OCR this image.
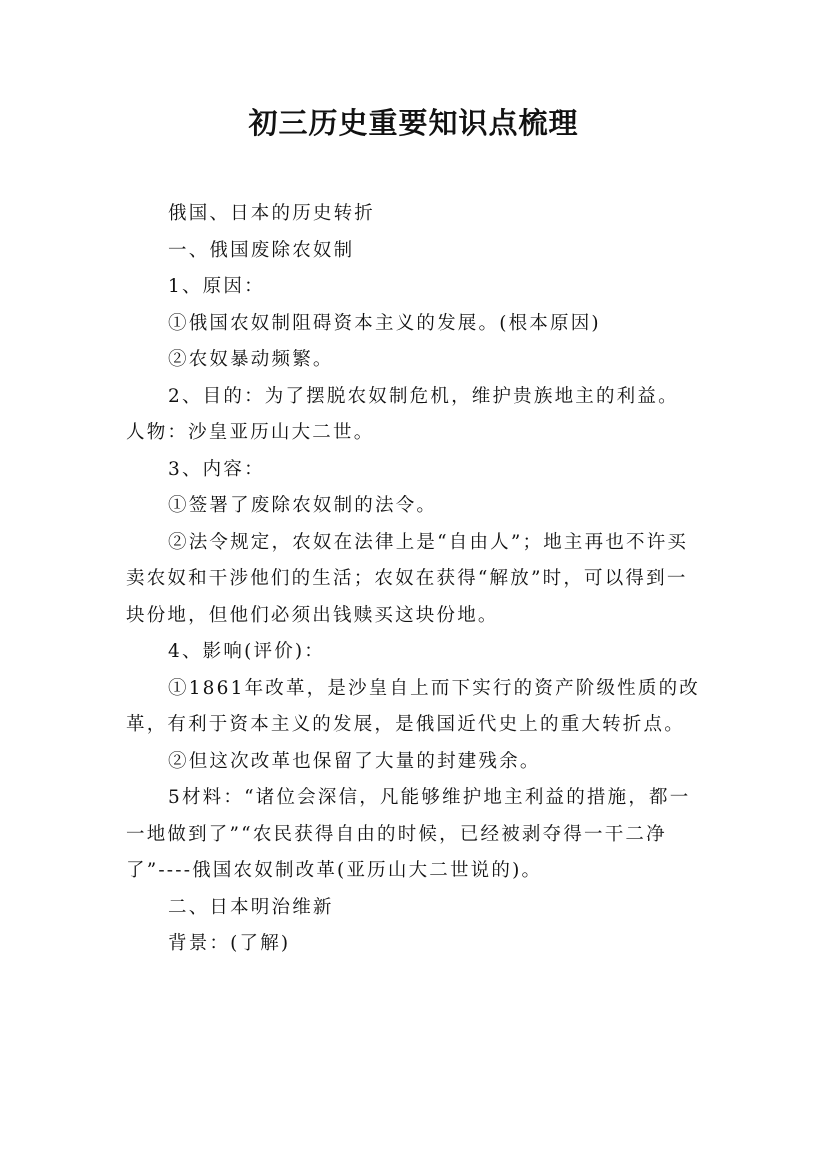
初三历史重要知识点梳理

俄国、日本的历史转折

一、俄国废除农奴制

1、原因：

①俄国农奴制阻碍资本主义的发展。(根本原因)

②农奴暴动频繁。

2、目的：为了摆脱农奴制危机，维护贵族地主的利益。

人物：沙皇亚历山大二世。

3、内容：

①签署了废除农奴制的法令。

②法令规定，农奴在法律上是“自由人”；地主再也不许买卖农奴和干涉他们的生活；农奴在获得“解放”时，可以得到一块份地，但他们必须出钱赎买这块份地。

4、影响(评价)：

①1861年改革，是沙皇自上而下实行的资产阶级性质的改革，有利于资本主义的发展，是俄国近代史上的重大转折点。

②但这次改革也保留了大量的封建残余。

5材料：“诸位会深信，凡能够维护地主利益的措施，都一一地做到了”“农民获得自由的时候，已经被剥夺得一干二净了”----俄国农奴制改革(亚历山大二世说的)。

二、日本明治维新

背景：(了解)
